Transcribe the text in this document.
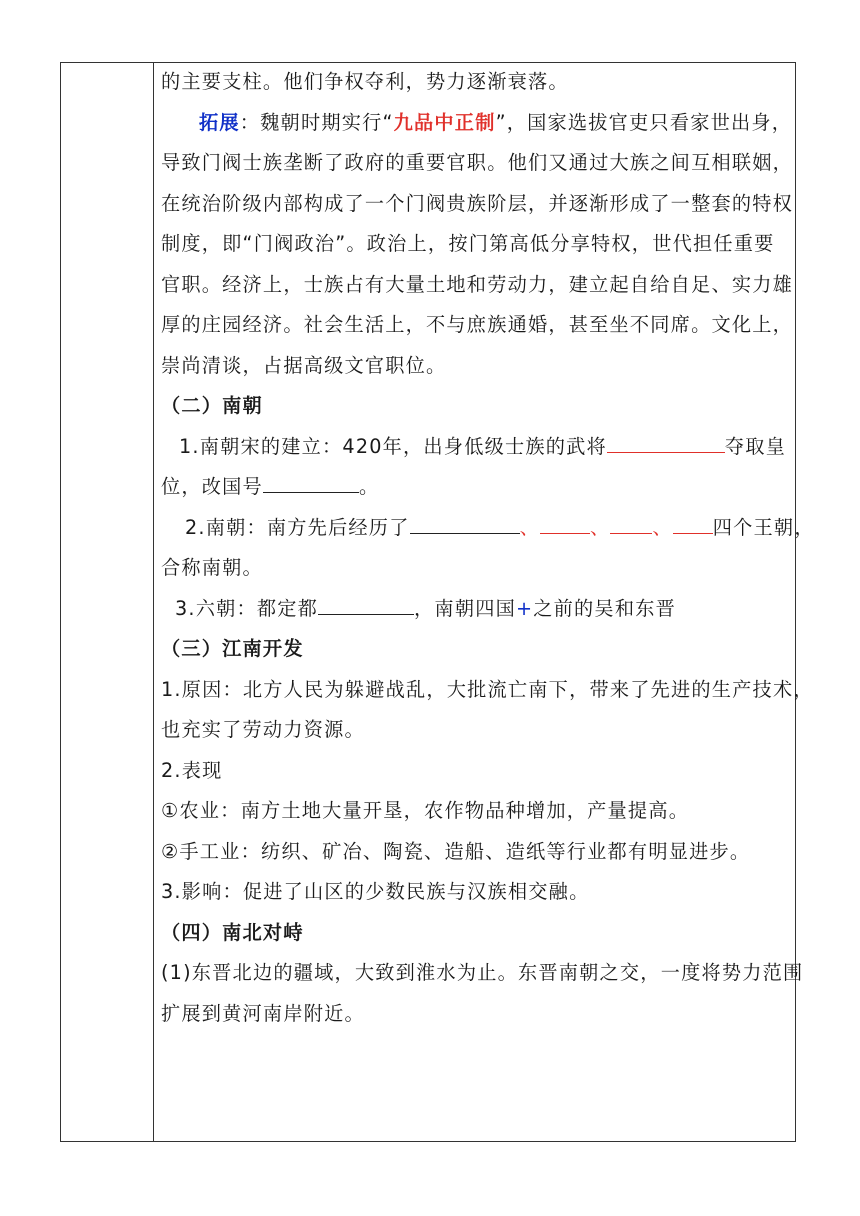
的主要支柱。他们争权夺利，势力逐渐衰落。

拓展：魏朝时期实行“九品中正制”，国家选拔官吏只看家世出身，

导致门阀士族垄断了政府的重要官职。他们又通过大族之间互相联姻，

在统治阶级内部构成了一个门阀贵族阶层，并逐渐形成了一整套的特权

制度，即“门阀政治”。政治上，按门第高低分享特权，世代担任重要

官职。经济上，士族占有大量土地和劳动力，建立起自给自足、实力雄

厚的庄园经济。社会生活上，不与庶族通婚，甚至坐不同席。文化上，

崇尚清谈，占据高级文官职位。

（二）南朝

1.南朝宋的建立：420年，出身低级士族的武将	夺取皇

位，改国号	。

2.南朝：南方先后经历了	、	、 、 四个王朝，

合称南朝。

3.六朝：都定都	，南朝四国+之前的吴和东晋

（三）江南开发

1.原因：北方人民为躲避战乱，大批流亡南下，带来了先进的生产技术，

也充实了劳动力资源。

2.表现

①农业：南方土地大量开垦，农作物品种增加，产量提高。

②手工业：纺织、矿冶、陶瓷、造船、造纸等行业都有明显进步。

3.影响：促进了山区的少数民族与汉族相交融。

（四）南北对峙

(1)东晋北边的疆域，大致到淮水为止。东晋南朝之交，一度将势力范围

扩展到黄河南岸附近。
